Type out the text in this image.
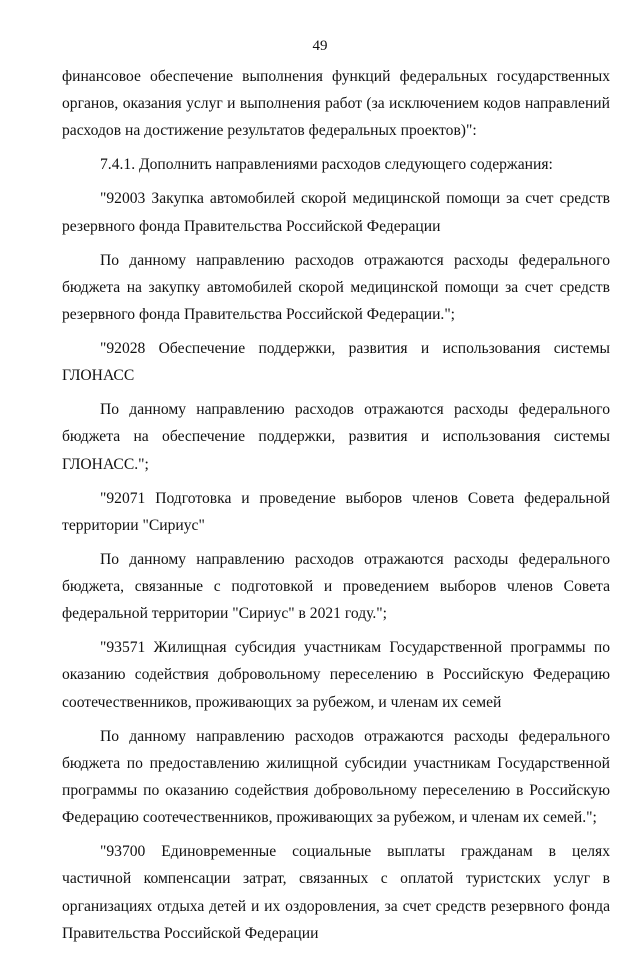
49

финансовое обеспечение выполнения функций федеральных государственных органов, оказания услуг и выполнения работ (за исключением кодов направлений расходов на достижение результатов федеральных проектов)":

7.4.1. Дополнить направлениями расходов следующего содержания:

"92003 Закупка автомобилей скорой медицинской помощи за счет средств резервного фонда Правительства Российской Федерации

По данному направлению расходов отражаются расходы федерального бюджета на закупку автомобилей скорой медицинской помощи за счет средств резервного фонда Правительства Российской Федерации.";

"92028 Обеспечение поддержки, развития и использования системы ГЛОНАСС

По данному направлению расходов отражаются расходы федерального бюджета на обеспечение поддержки, развития и использования системы ГЛОНАСС.";

"92071 Подготовка и проведение выборов членов Совета федеральной территории "Сириус"

По данному направлению расходов отражаются расходы федерального бюджета, связанные с подготовкой и проведением выборов членов Совета федеральной территории "Сириус" в 2021 году.";

"93571 Жилищная субсидия участникам Государственной программы по оказанию содействия добровольному переселению в Российскую Федерацию соотечественников, проживающих за рубежом, и членам их семей

По данному направлению расходов отражаются расходы федерального бюджета по предоставлению жилищной субсидии участникам Государственной программы по оказанию содействия добровольному переселению в Российскую Федерацию соотечественников, проживающих за рубежом, и членам их семей.";

"93700 Единовременные социальные выплаты гражданам в целях частичной компенсации затрат, связанных с оплатой туристских услуг в организациях отдыха детей и их оздоровления, за счет средств резервного фонда Правительства Российской Федерации
